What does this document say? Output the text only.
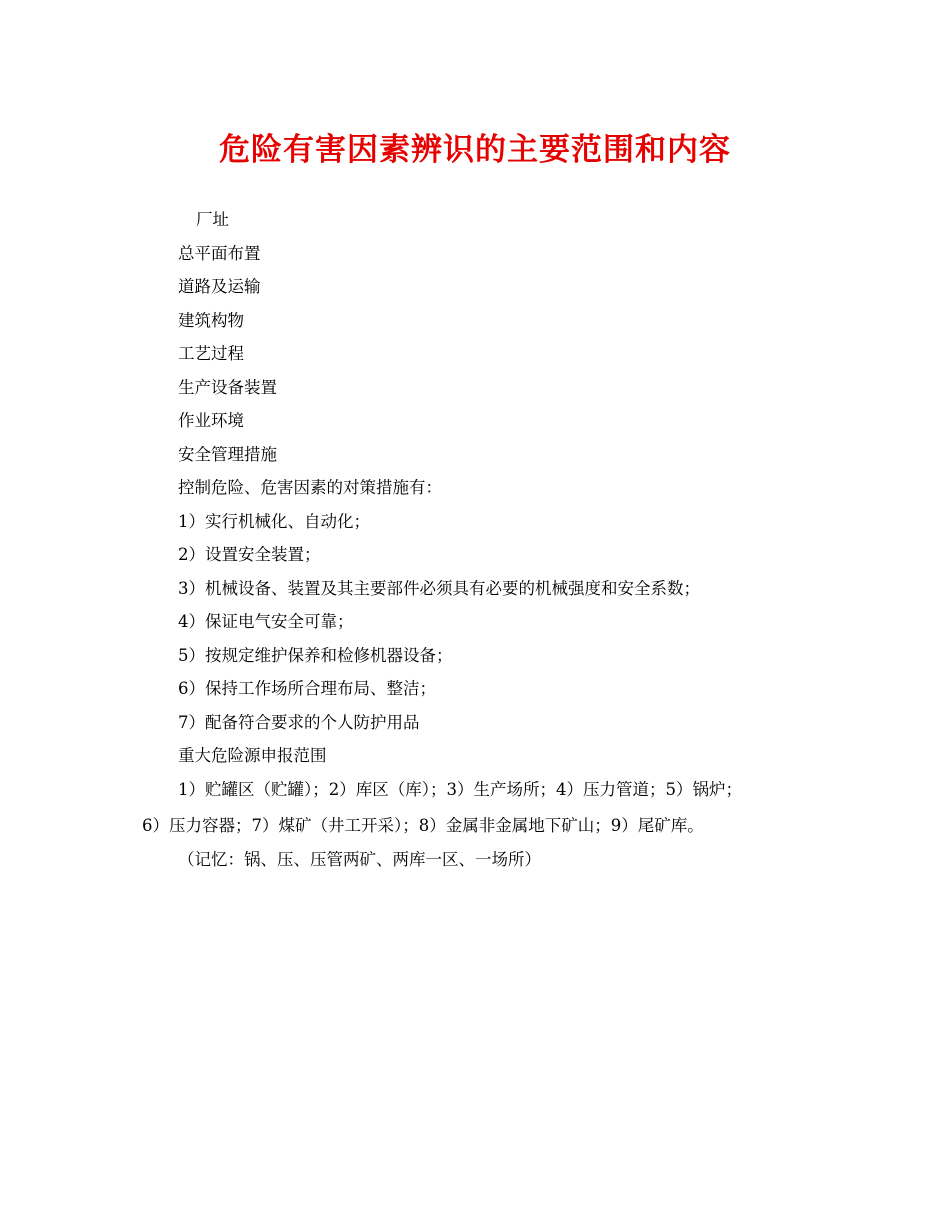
危险有害因素辨识的主要范围和内容
厂址
总平面布置
道路及运输
建筑构物
工艺过程
生产设备装置
作业环境
安全管理措施
控制危险、危害因素的对策措施有：
1）实行机械化、自动化；
2）设置安全装置；
3）机械设备、装置及其主要部件必须具有必要的机械强度和安全系数；
4）保证电气安全可靠；
5）按规定维护保养和检修机器设备；
6）保持工作场所合理布局、整洁；
7）配备符合要求的个人防护用品
重大危险源申报范围
1）贮罐区（贮罐）；2）库区（库）；3）生产场所；4）压力管道；5）锅炉；
6）压力容器；7）煤矿（井工开采）；8）金属非金属地下矿山；9）尾矿库。
（记忆：锅、压、压管两矿、两库一区、一场所）
